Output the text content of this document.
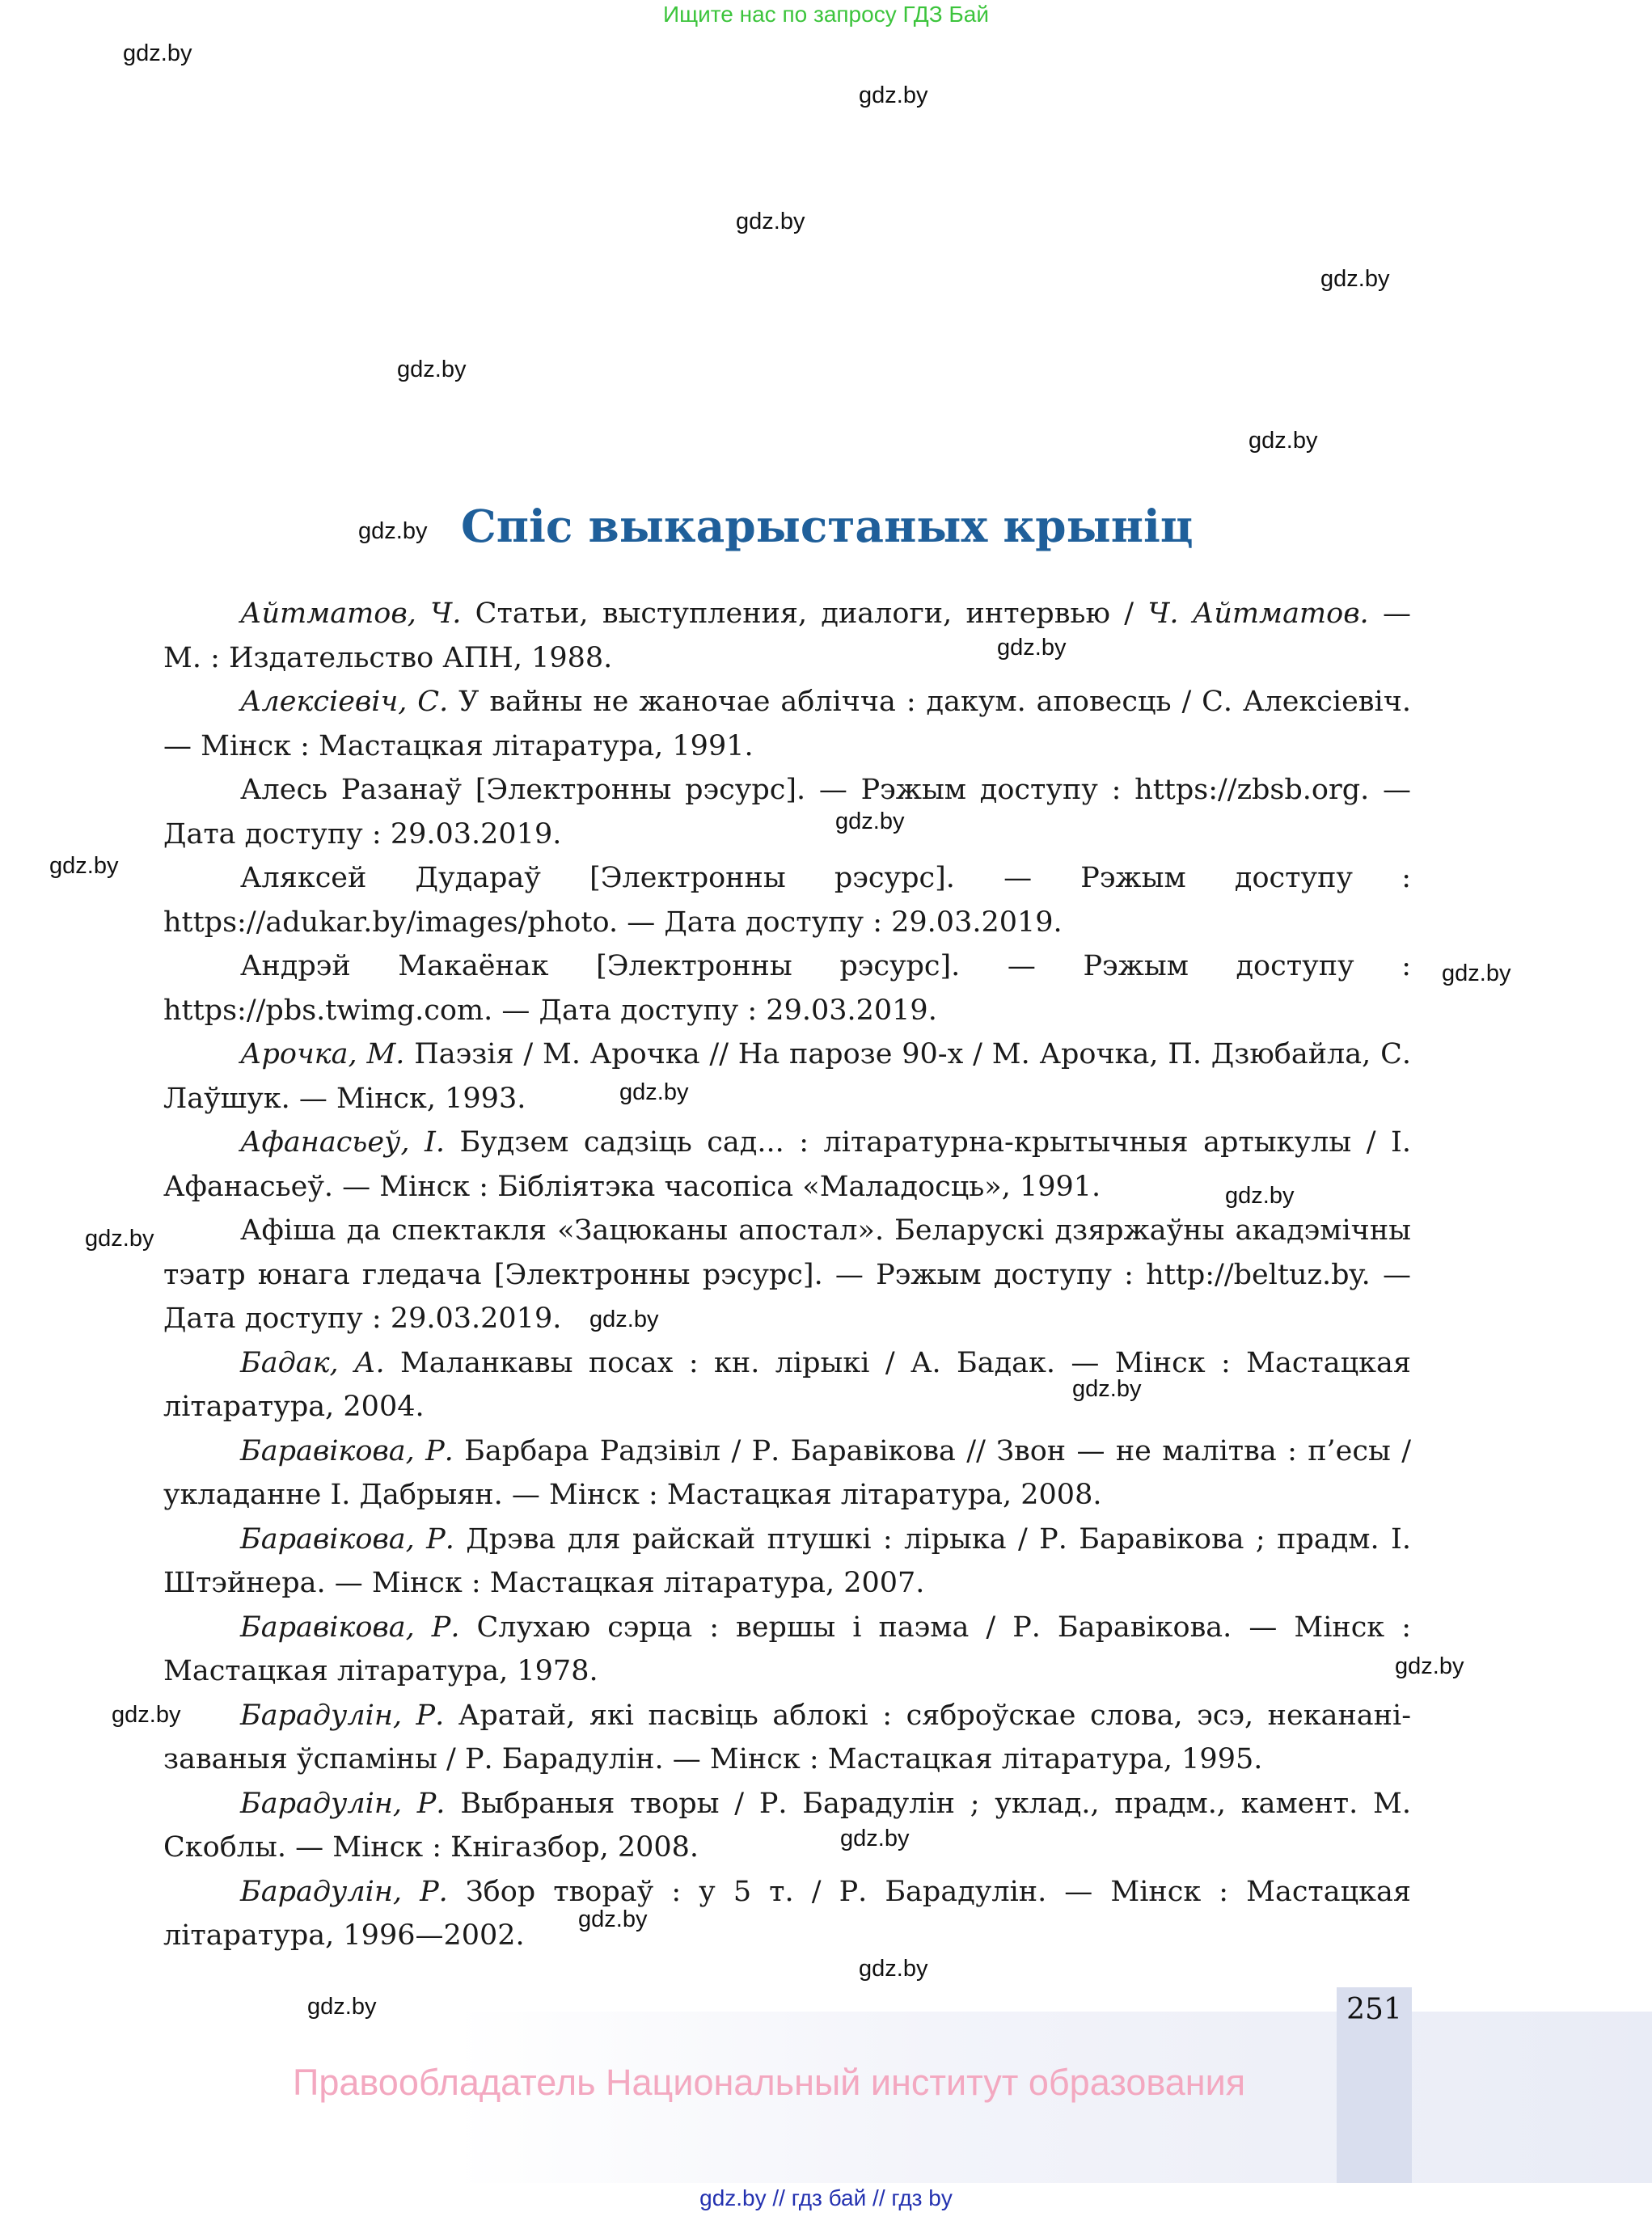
Ищите нас по запросу ГДЗ Бай
gdz.by
gdz.by
gdz.by
gdz.by
gdz.by
gdz.by
gdz.by
gdz.by
gdz.by
gdz.by
gdz.by
gdz.by
gdz.by
gdz.by
gdz.by
gdz.by
gdz.by
gdz.by
gdz.by
gdz.by
gdz.by
gdz.by
Спіс выкарыстаных крыніц
Айтматов, Ч. Статьи, выступления, диалоги, интервью / Ч. Айтматов. — М. : Издательство АПН, 1988.
Алексіевіч, С. У вайны не жаночае аблічча : дакум. аповесць / С. Алексіевіч. — Мінск : Мастацкая літаратура, 1991.
Алесь Разанаў [Электронны рэсурс]. — Рэжым доступу : https://zbsb.org. — Дата доступу : 29.03.2019.
Аляксей Дудараў [Электронны рэсурс]. — Рэжым доступу : https://adukar.by/images/photo. — Дата доступу : 29.03.2019.
Андрэй Макаёнак [Электронны рэсурс]. — Рэжым доступу : https://pbs.twimg.com. — Дата доступу : 29.03.2019.
Арочка, М. Паэзія / М. Арочка // На парозе 90-х / М. Арочка, П. Дзюбайла, С. Лаўшук. — Мінск, 1993.
Афанасьеў, І. Будзем садзіць сад... : літаратурна-крытычныя артыкулы / І. Афанасьеў. — Мінск : Бібліятэка часопіса «Маладосць», 1991.
Афіша да спектакля «Зацюканы апостал». Беларускі дзяржаўны акадэмічны тэатр юнага гледача [Электронны рэсурс]. — Рэжым доступу : http://beltuz.by. — Дата доступу : 29.03.2019.
Бадак, А. Маланкавы посах : кн. лірыкі / А. Бадак. — Мінск : Мастацкая літаратура, 2004.
Баравікова, Р. Барбара Радзівіл / Р. Баравікова // Звон — не малітва : п’есы / укладанне І. Дабрыян. — Мінск : Мастацкая літаратура, 2008.
Баравікова, Р. Дрэва для райскай птушкі : лірыка / Р. Баравікова ; прадм. І. Штэйнера. — Мінск : Мастацкая літаратура, 2007.
Баравікова, Р. Слухаю сэрца : вершы і паэма / Р. Баравікова. — Мінск : Мастацкая літаратура, 1978.
Барадулін, Р. Аратай, які пасвіць аблокі : сяброўскае слова, эсэ, некананізаваныя ўспаміны / Р. Барадулін. — Мінск : Мастацкая літаратура, 1995.
Барадулін, Р. Выбраныя творы / Р. Барадулін ; уклад., прадм., камент. М. Скоблы. — Мінск : Кнігазбор, 2008.
Барадулін, Р. Збор твораў : у 5 т. / Р. Барадулін. — Мінск : Мастацкая літаратура, 1996—2002.
251
Правообладатель Национальный институт образования
gdz.by // гдз бай // гдз by
